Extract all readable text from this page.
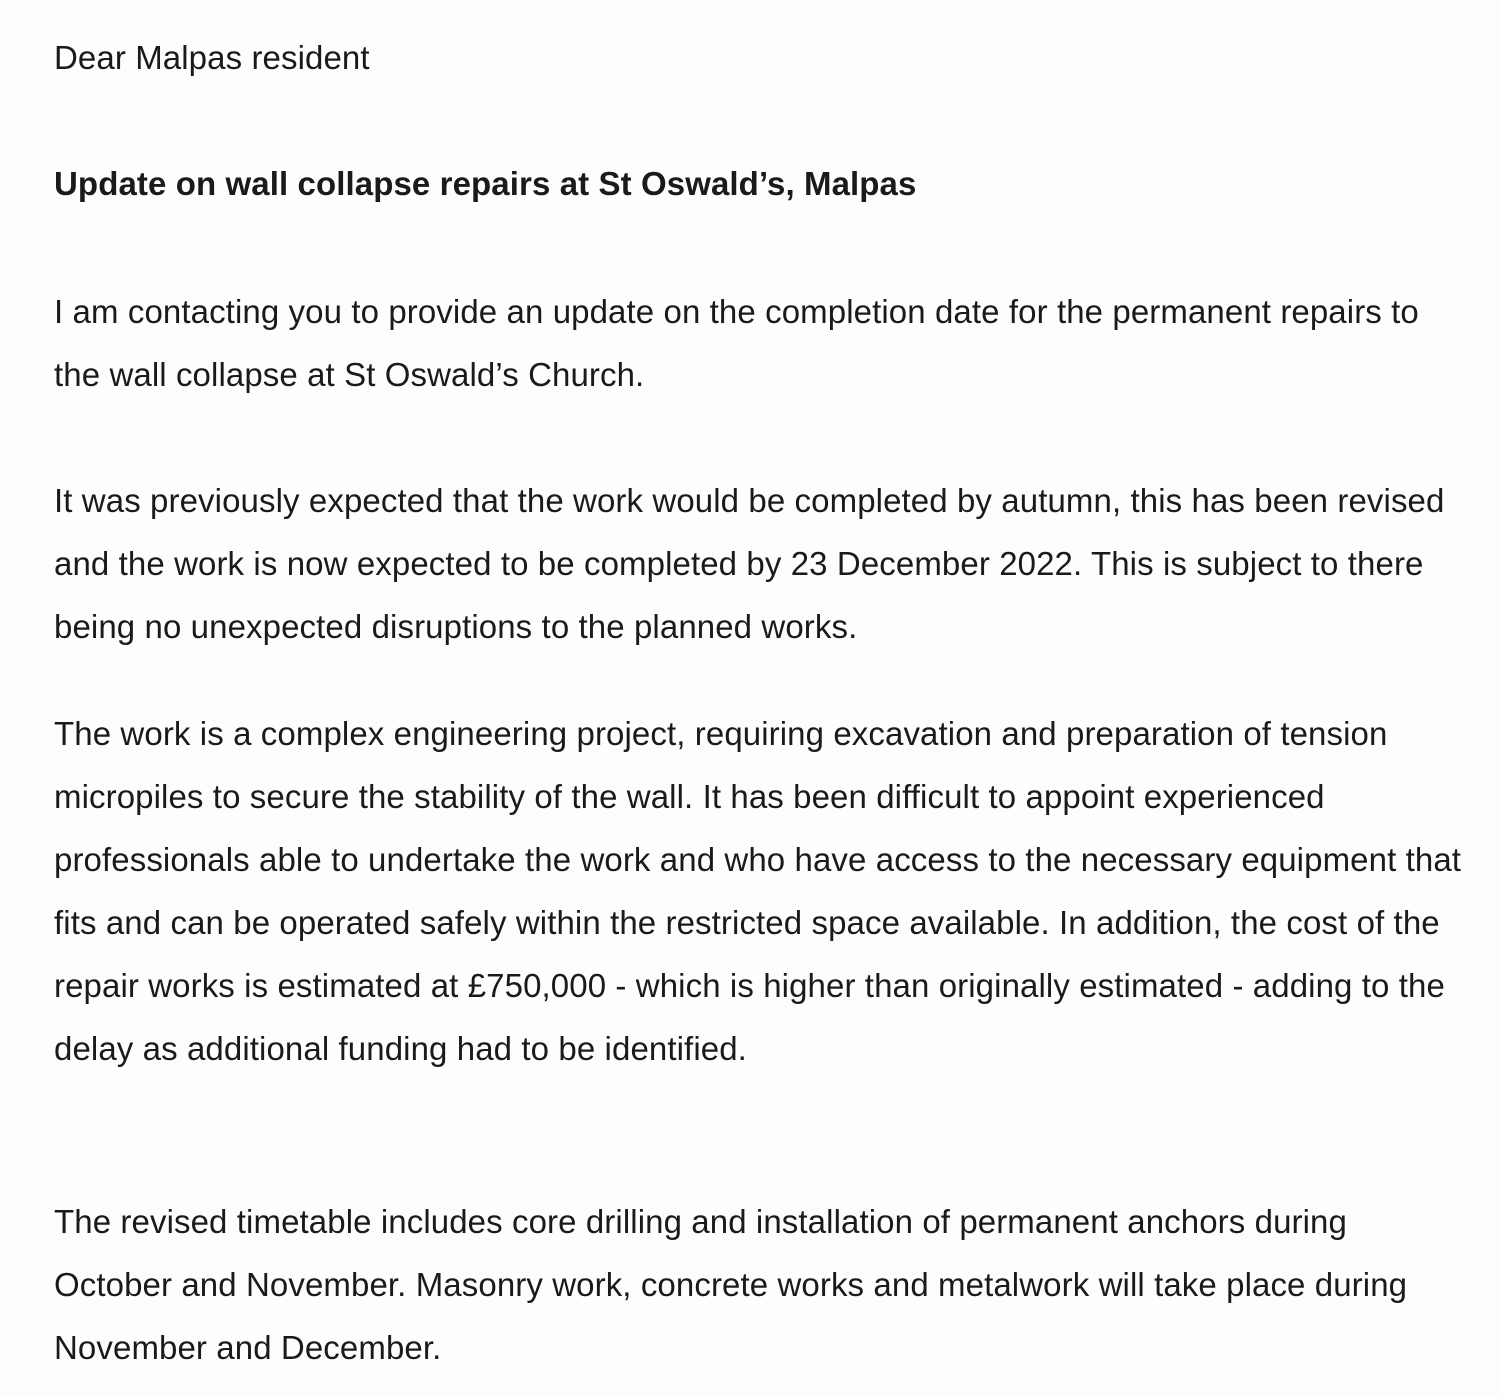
Dear Malpas resident

Update on wall collapse repairs at St Oswald’s, Malpas

I am contacting you to provide an update on the completion date for the permanent repairs to the wall collapse at St Oswald’s Church.

It was previously expected that the work would be completed by autumn, this has been revised and the work is now expected to be completed by 23 December 2022. This is subject to there being no unexpected disruptions to the planned works.

The work is a complex engineering project, requiring excavation and preparation of tension micropiles to secure the stability of the wall. It has been difficult to appoint experienced professionals able to undertake the work and who have access to the necessary equipment that fits and can be operated safely within the restricted space available. In addition, the cost of the repair works is estimated at £750,000 - which is higher than originally estimated - adding to the delay as additional funding had to be identified.

The revised timetable includes core drilling and installation of permanent anchors during October and November. Masonry work, concrete works and metalwork will take place during November and December.
